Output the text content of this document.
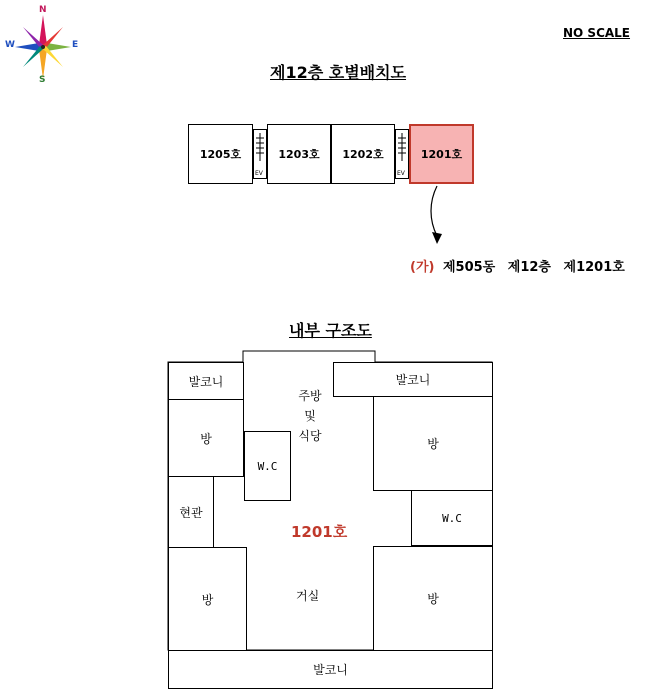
N
S
W	E
NO SCALE
제12층 호별배치도
1205호
EV
1203호 1202호
EV
1201호
(가) 제505동 제12층 제1201호
내부 구조도
발코니	발코니
방
W.C
주방
및
식당
방
현관	W.C
1201호
방	거실	방
발코니
